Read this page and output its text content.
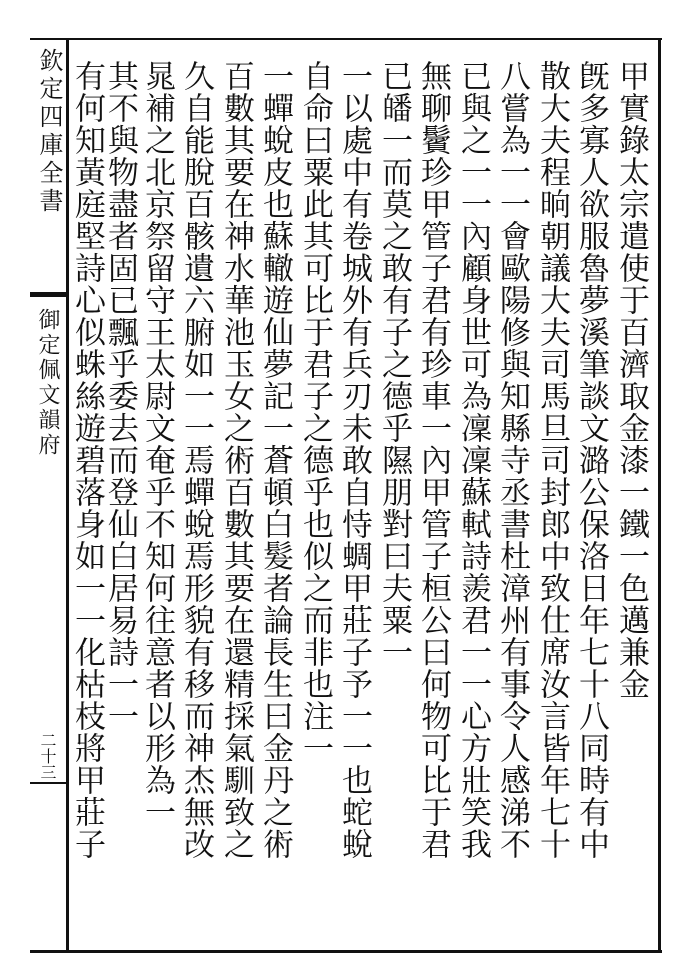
欽定四庫全書
御定佩文韻府
二十三
甲實錄太宗遣使于百濟取金漆一鐵一色邁兼金
旣多寡人欲服魯夢溪筆談文潞公保洛日年七十八同時有中
散大夫程晌朝議大夫司馬旦司封郎中致仕席汝言皆年七十
八嘗為一一會歐陽修與知縣寺丞書杜漳州有事令人感涕不
已與之一一內顧身世可為凜凜蘇軾詩羨君一一心方壯笑我
無聊鬢珍甲管子君有珍車一內甲管子桓公曰何物可比于君
已皤一而莫之敢有子之德乎隰朋對曰夫粟一
一以處中有卷城外有兵刃未敢自恃蜩甲莊子予一一也蛇蛻
自命曰粟此其可比于君子之德乎也似之而非也注一
一蟬蛻皮也蘇轍遊仙夢記一蒼頓白髮者論長生曰金丹之術
百數其要在神水華池玉女之術百數其要在還精採氣馴致之
久自能脫百骸遺六腑如一一焉蟬蛻焉形貌有移而神杰無改
晁補之北京祭留守王太尉文奄乎不知何往意者以形為一
其不與物盡者固已飄乎委去而登仙白居易詩一一
有何知黃庭堅詩心似蛛絲遊碧落身如一一化枯枝將甲莊子
